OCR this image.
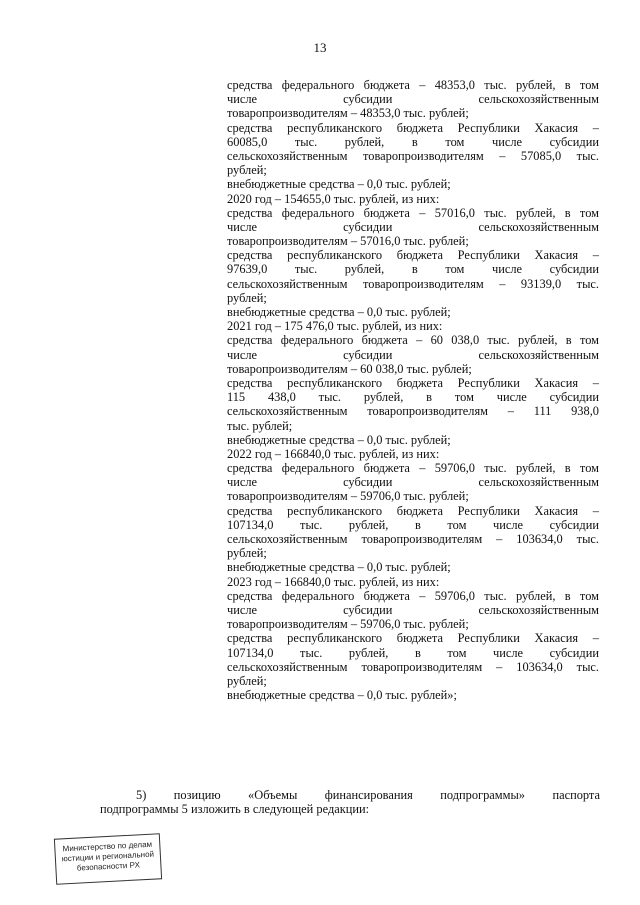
13
средства федерального бюджета – 48353,0 тыс. рублей, в том
числе субсидии сельскохозяйственным
товаропроизводителям – 48353,0 тыс. рублей;
средства республиканского бюджета Республики Хакасия –
60085,0 тыс. рублей, в том числе субсидии
сельскохозяйственным товаропроизводителям – 57085,0 тыс.
рублей;
внебюджетные средства – 0,0 тыс. рублей;
2020 год – 154655,0 тыс. рублей, из них:
средства федерального бюджета – 57016,0 тыс. рублей, в том
числе субсидии сельскохозяйственным
товаропроизводителям – 57016,0 тыс. рублей;
средства республиканского бюджета Республики Хакасия –
97639,0 тыс. рублей, в том числе субсидии
сельскохозяйственным товаропроизводителям – 93139,0 тыс.
рублей;
внебюджетные средства – 0,0 тыс. рублей;
2021 год – 175 476,0 тыс. рублей, из них:
средства федерального бюджета – 60 038,0 тыс. рублей, в том
числе субсидии сельскохозяйственным
товаропроизводителям – 60 038,0 тыс. рублей;
средства республиканского бюджета Республики Хакасия –
115 438,0 тыс. рублей, в том числе субсидии
сельскохозяйственным товаропроизводителям – 111 938,0
тыс. рублей;
внебюджетные средства – 0,0 тыс. рублей;
2022 год – 166840,0 тыс. рублей, из них:
средства федерального бюджета – 59706,0 тыс. рублей, в том
числе субсидии сельскохозяйственным
товаропроизводителям – 59706,0 тыс. рублей;
средства республиканского бюджета Республики Хакасия –
107134,0 тыс. рублей, в том числе субсидии
сельскохозяйственным товаропроизводителям – 103634,0 тыс.
рублей;
внебюджетные средства – 0,0 тыс. рублей;
2023 год – 166840,0 тыс. рублей, из них:
средства федерального бюджета – 59706,0 тыс. рублей, в том
числе субсидии сельскохозяйственным
товаропроизводителям – 59706,0 тыс. рублей;
средства республиканского бюджета Республики Хакасия –
107134,0 тыс. рублей, в том числе субсидии
сельскохозяйственным товаропроизводителям – 103634,0 тыс.
рублей;
внебюджетные средства – 0,0 тыс. рублей»;
5) позицию «Объемы финансирования подпрограммы» паспорта
подпрограммы 5 изложить в следующей редакции:
Министерство по делам
юстиции и региональной
безопасности РХ
